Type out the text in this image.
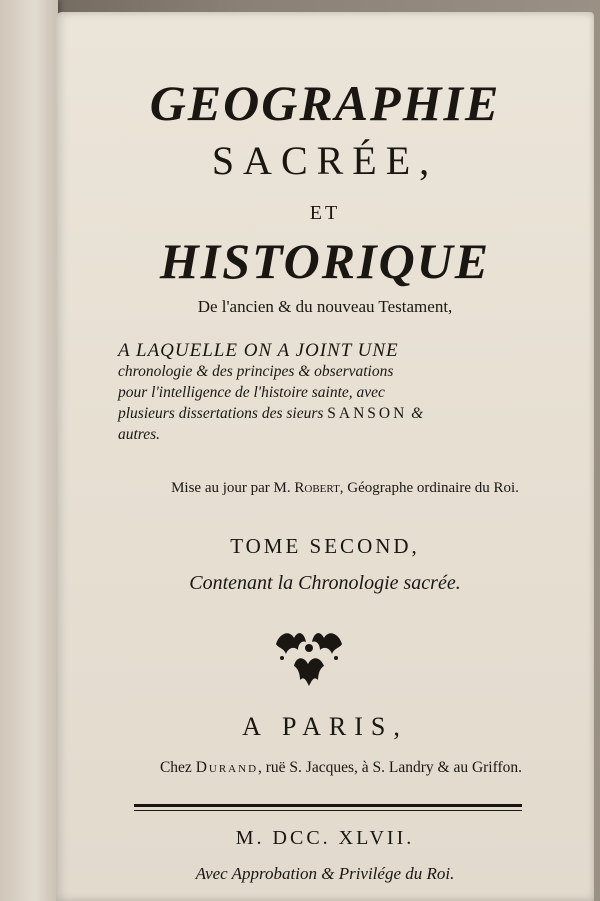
GEOGRAPHIE
SACRÉE,
ET
HISTORIQUE
De l'ancien & du nouveau Testament,
A LAQUELLE ON A JOINT UNE
chronologie & des principes & observations
pour l'intelligence de l'histoire sainte, avec
plusieurs dissertations des sieurs SANSON &
autres.
Mise au jour par M. Robert, Géographe ordinaire du Roi.
TOME SECOND,
Contenant la Chronologie sacrée.
A PARIS,
Chez Durand, ruë S. Jacques, à S. Landry & au Griffon.
M. DCC. XLVII.
Avec Approbation & Privilége du Roi.
